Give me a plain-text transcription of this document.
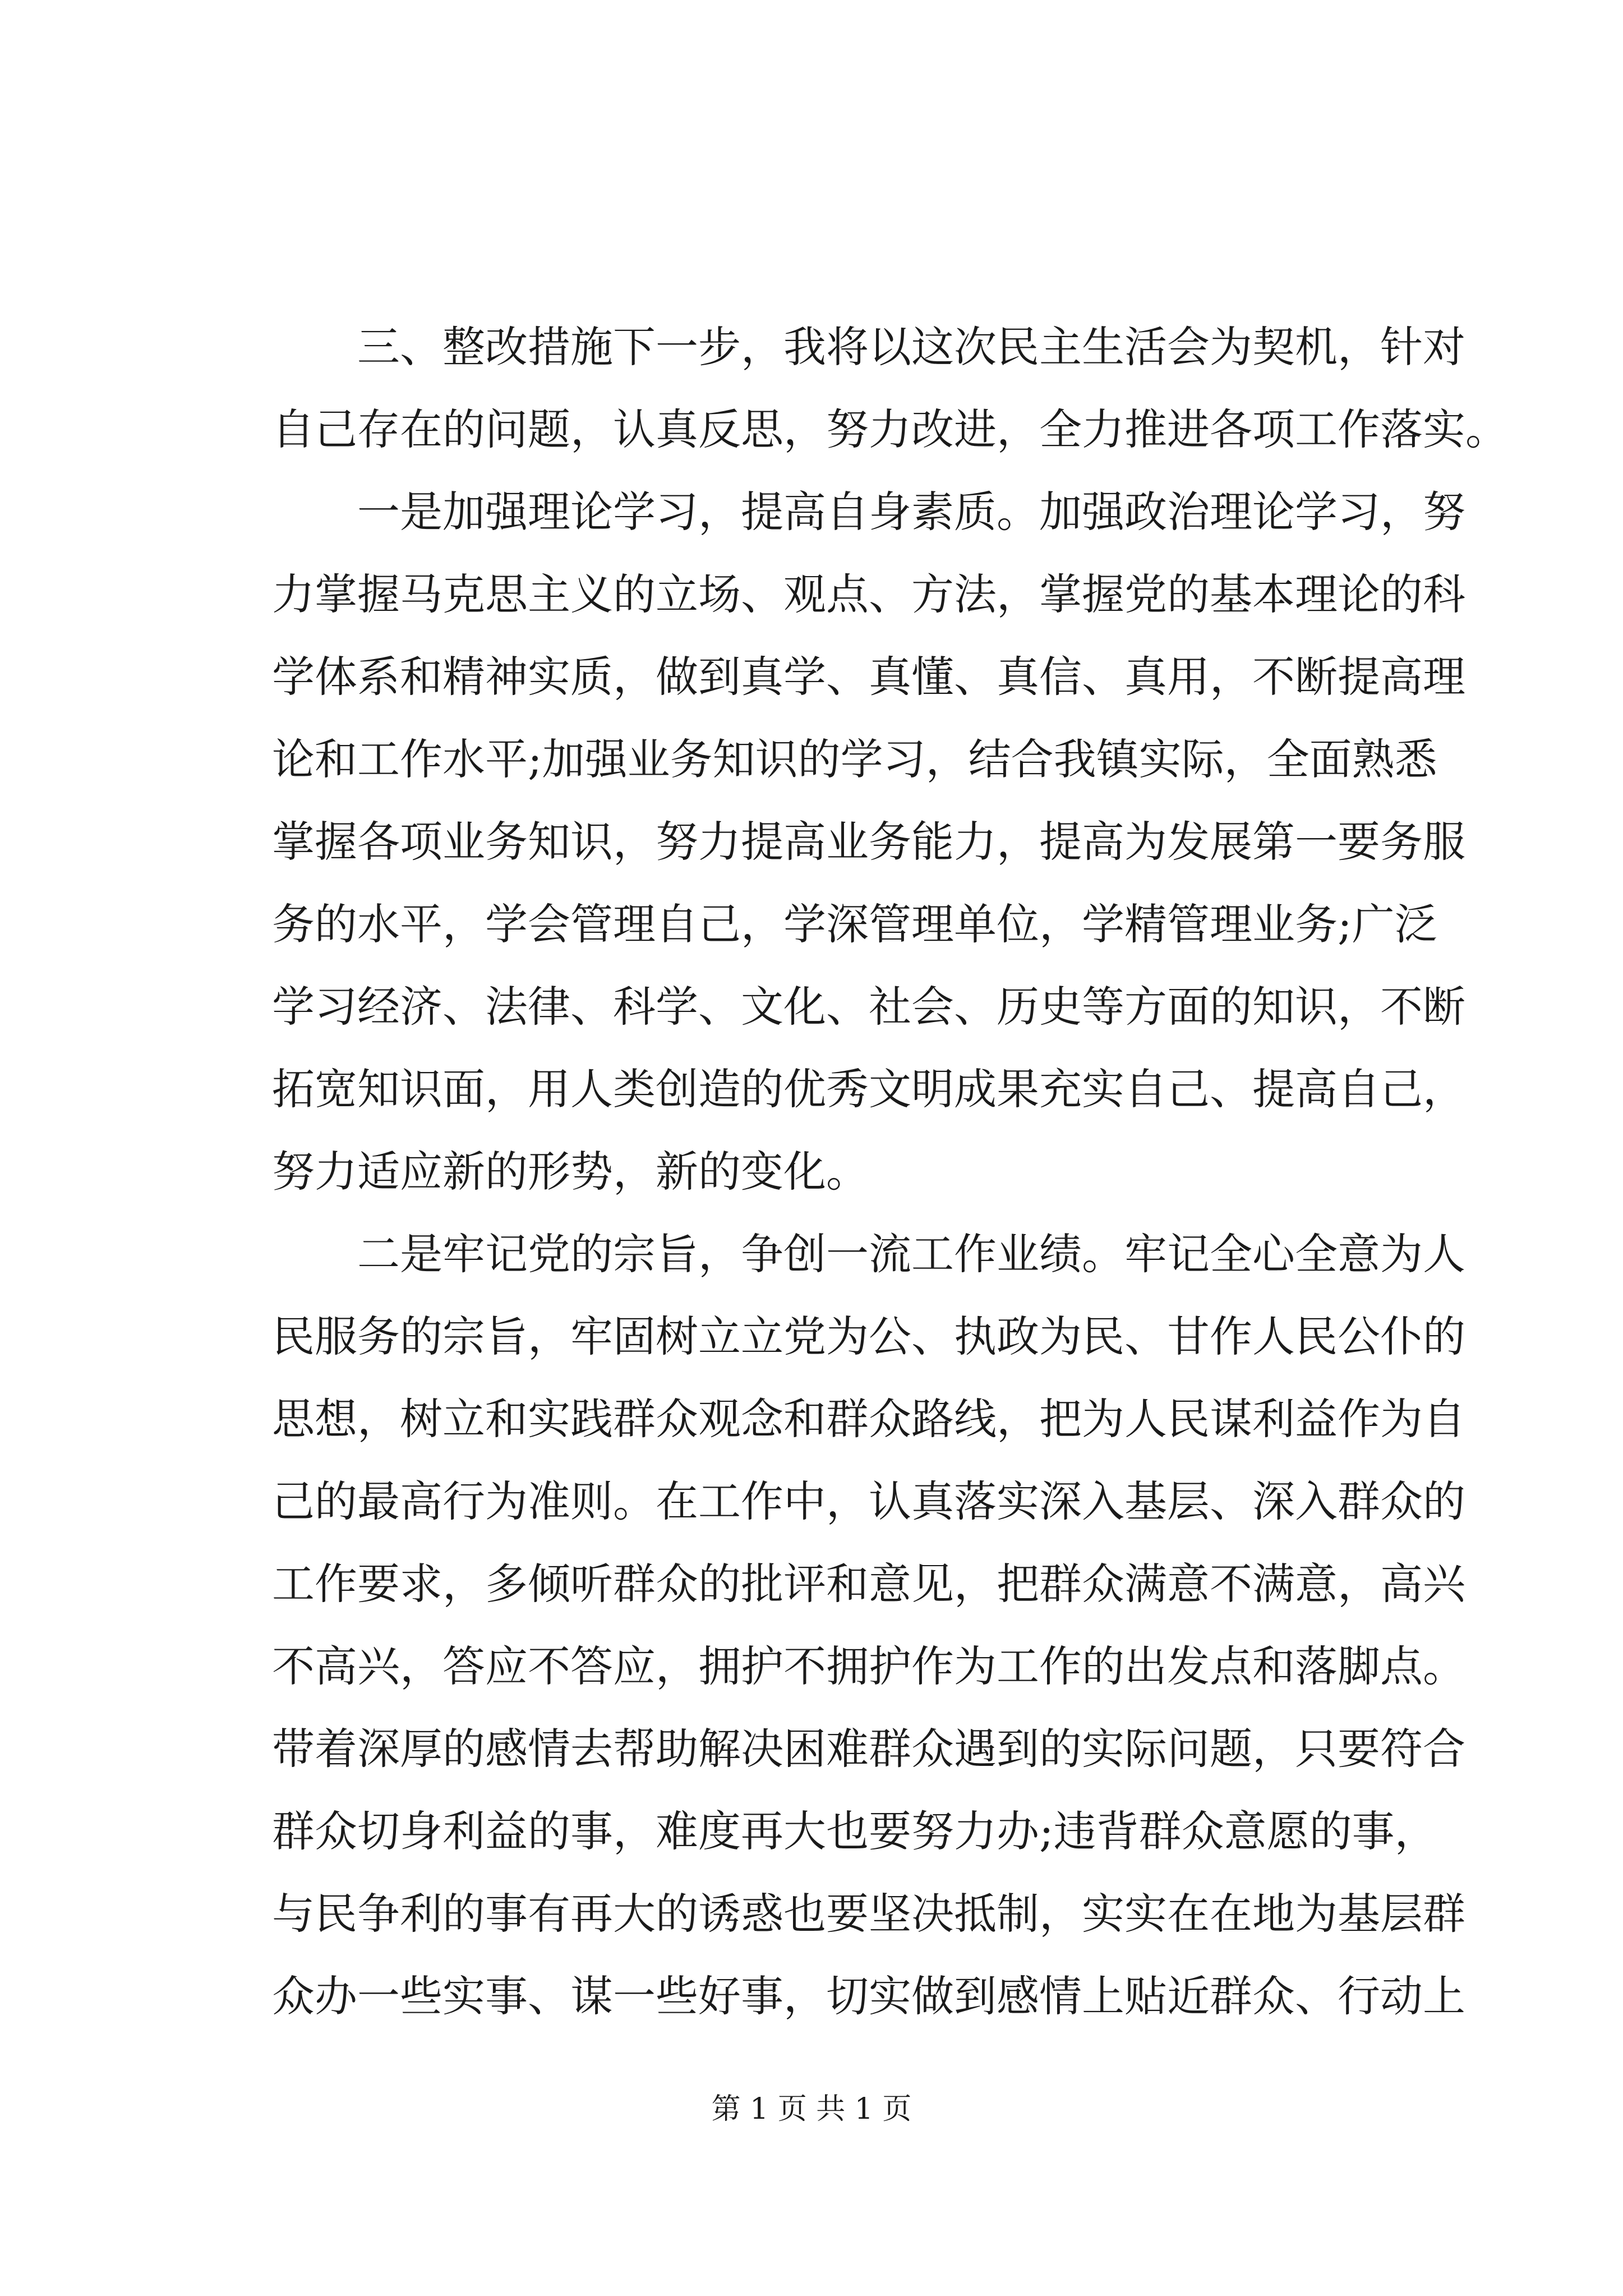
三、整改措施下一步，我将以这次民主生活会为契机，针对
自己存在的问题，认真反思，努力改进，全力推进各项工作落实。
一是加强理论学习，提高自身素质。加强政治理论学习，努
力掌握马克思主义的立场、观点、方法，掌握党的基本理论的科
学体系和精神实质，做到真学、真懂、真信、真用，不断提高理
论和工作水平;加强业务知识的学习，结合我镇实际，全面熟悉
掌握各项业务知识，努力提高业务能力，提高为发展第一要务服
务的水平，学会管理自己，学深管理单位，学精管理业务;广泛
学习经济、法律、科学、文化、社会、历史等方面的知识，不断
拓宽知识面，用人类创造的优秀文明成果充实自己、提高自己，
努力适应新的形势，新的变化。
二是牢记党的宗旨，争创一流工作业绩。牢记全心全意为人
民服务的宗旨，牢固树立立党为公、执政为民、甘作人民公仆的
思想，树立和实践群众观念和群众路线，把为人民谋利益作为自
己的最高行为准则。在工作中，认真落实深入基层、深入群众的
工作要求，多倾听群众的批评和意见，把群众满意不满意，高兴
不高兴，答应不答应，拥护不拥护作为工作的出发点和落脚点。
带着深厚的感情去帮助解决困难群众遇到的实际问题，只要符合
群众切身利益的事，难度再大也要努力办;违背群众意愿的事，
与民争利的事有再大的诱惑也要坚决抵制，实实在在地为基层群
众办一些实事、谋一些好事，切实做到感情上贴近群众、行动上
第 1 页 共 1 页
